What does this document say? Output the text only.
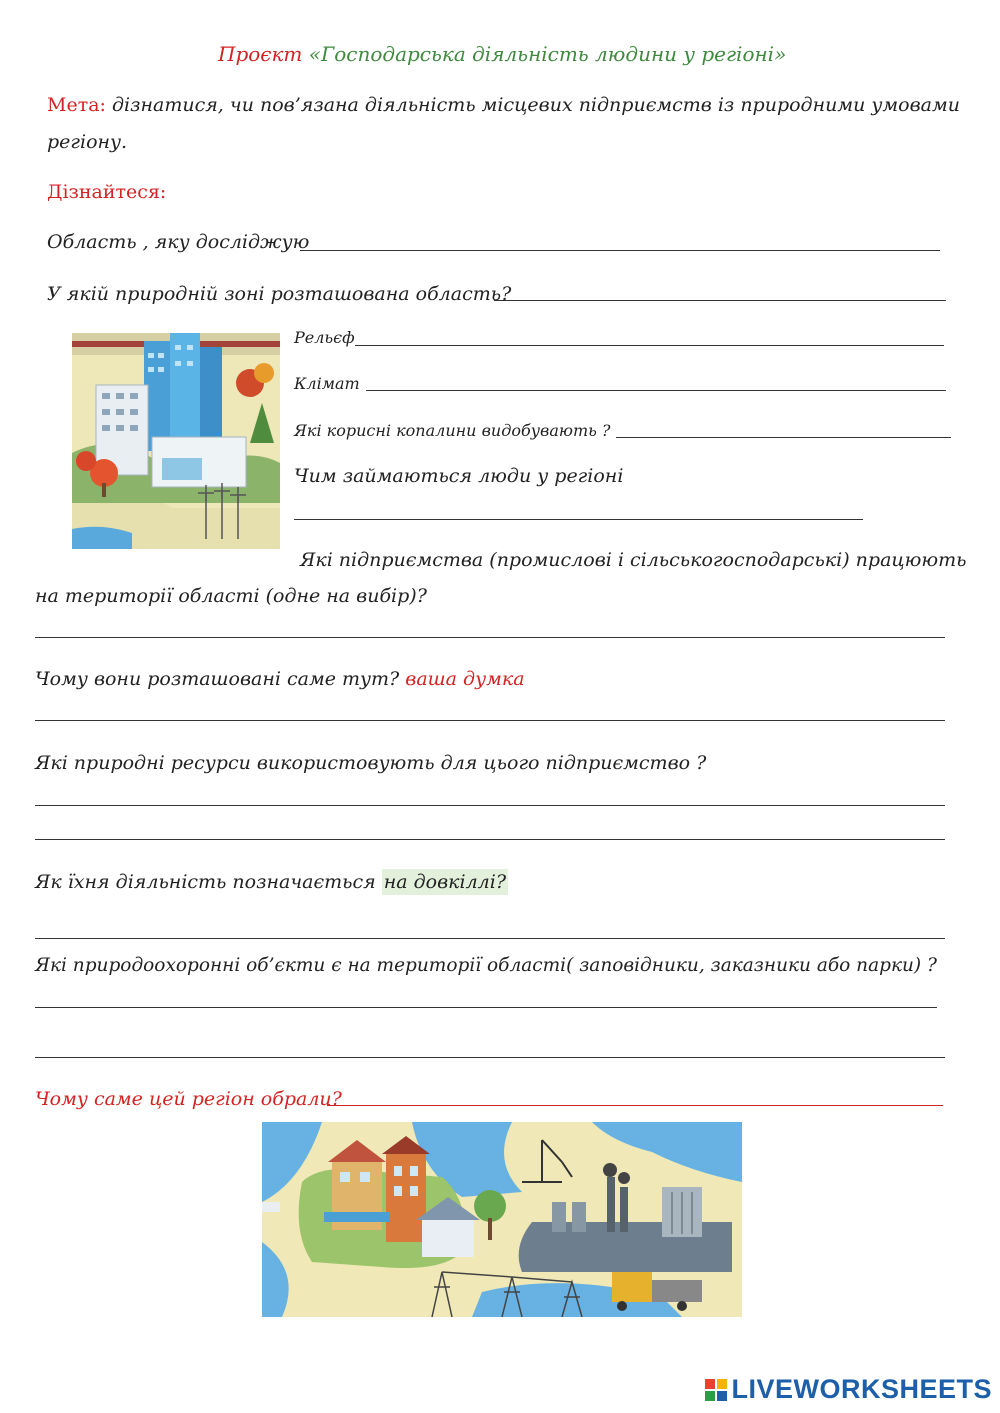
Проєкт «Господарська діяльність людини у регіоні»
Мета: дізнатися, чи пов’язана діяльність місцевих підприємств із природними умовами
регіону.
Дізнайтеся:
Область , яку досліджую
У якій природній зоні розташована область?
Рельєф
Клімат
Які корисні копалини видобувають ?
Чим займаються люди у регіоні
Які підприємства (промислові і сільськогосподарські) працюють
на території області (одне на вибір)?
Чому вони розташовані саме тут? ваша думка
Які природні ресурси використовують для цього підприємство ?
Як їхня діяльність позначається на довкіллі?
Які природоохоронні об’єкти є на території області( заповідники, заказники або парки) ?
Чому саме цей регіон обрали?
LIVEWORKSHEETS
